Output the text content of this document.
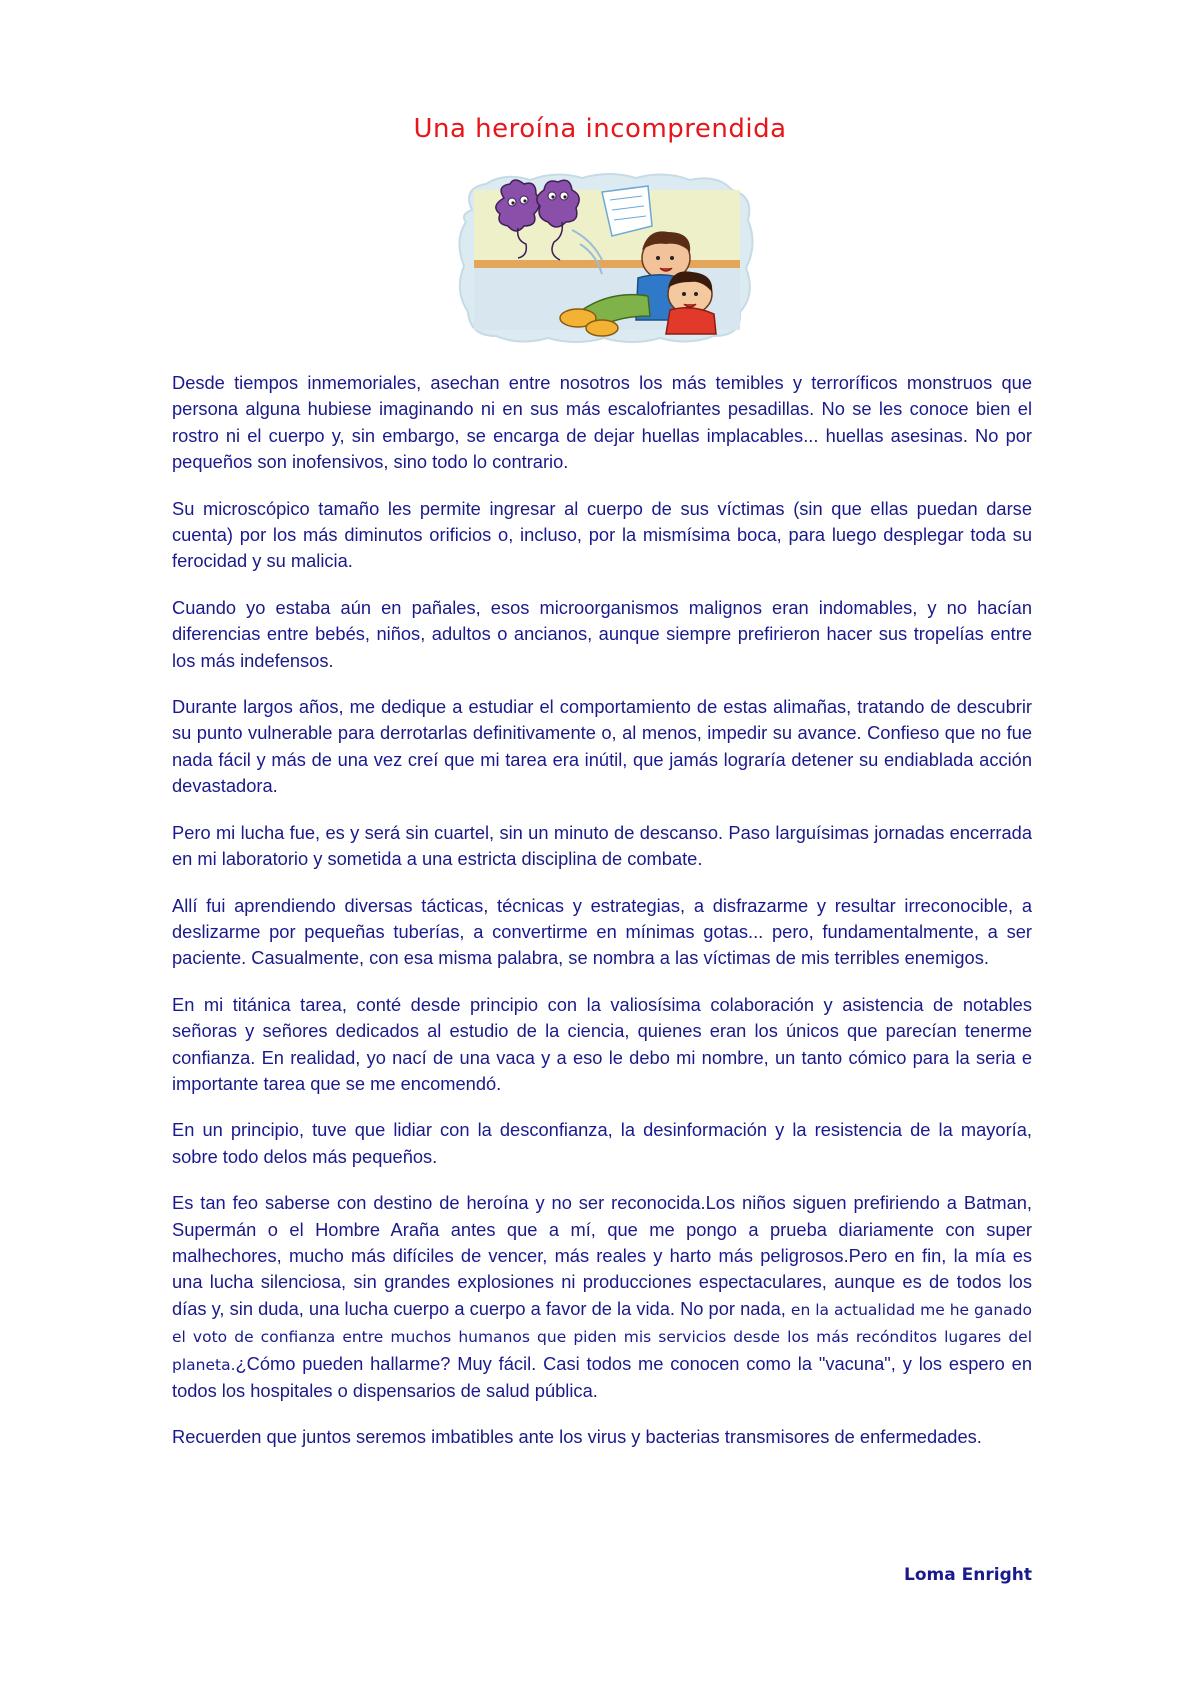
Una heroína incomprendida

Desde tiempos inmemoriales, asechan entre nosotros los más temibles y terroríficos monstruos que persona alguna hubiese imaginando ni en sus más escalofriantes pesadillas. No se les conoce bien el rostro ni el cuerpo y, sin embargo, se encarga de dejar huellas implacables... huellas asesinas. No por pequeños son inofensivos, sino todo lo contrario.

Su microscópico tamaño les permite ingresar al cuerpo de sus víctimas (sin que ellas puedan darse cuenta) por los más diminutos orificios o, incluso, por la mismísima boca, para luego desplegar toda su ferocidad y su malicia.

Cuando yo estaba aún en pañales, esos microorganismos malignos eran indomables, y no hacían diferencias entre bebés, niños, adultos o ancianos, aunque siempre prefirieron hacer sus tropelías entre los más indefensos.

Durante largos años, me dedique a estudiar el comportamiento de estas alimañas, tratando de descubrir su punto vulnerable para derrotarlas definitivamente o, al menos, impedir su avance. Confieso que no fue nada fácil y más de una vez creí que mi tarea era inútil, que jamás lograría detener su endiablada acción devastadora.

Pero mi lucha fue, es y será sin cuartel, sin un minuto de descanso. Paso larguísimas jornadas encerrada en mi laboratorio y sometida a una estricta disciplina de combate.

Allí fui aprendiendo diversas tácticas, técnicas y estrategias, a disfrazarme y resultar irreconocible, a deslizarme por pequeñas tuberías, a convertirme en mínimas gotas... pero, fundamentalmente, a ser paciente. Casualmente, con esa misma palabra, se nombra a las víctimas de mis terribles enemigos.

En mi titánica tarea, conté desde principio con la valiosísima colaboración y asistencia de notables señoras y señores dedicados al estudio de la ciencia, quienes eran los únicos que parecían tenerme confianza. En realidad, yo nací de una vaca y a eso le debo mi nombre, un tanto cómico para la seria e importante tarea que se me encomendó.

En un principio, tuve que lidiar con la desconfianza, la desinformación y la resistencia de la mayoría, sobre todo delos más pequeños.

Es tan feo saberse con destino de heroína y no ser reconocida.Los niños siguen prefiriendo a Batman, Supermán o el Hombre Araña antes que a mí, que me pongo a prueba diariamente con super malhechores, mucho más difíciles de vencer, más reales y harto más peligrosos.Pero en fin, la mía es una lucha silenciosa, sin grandes explosiones ni producciones espectaculares, aunque es de todos los días y, sin duda, una lucha cuerpo a cuerpo a favor de la vida. No por nada, en la actualidad me he ganado el voto de confianza entre muchos humanos que piden mis servicios desde los más recónditos lugares del planeta.¿Cómo pueden hallarme? Muy fácil. Casi todos me conocen como la "vacuna", y los espero en todos los hospitales o dispensarios de salud pública.

Recuerden que juntos seremos imbatibles ante los virus y bacterias transmisores de enfermedades.

Loma Enright
